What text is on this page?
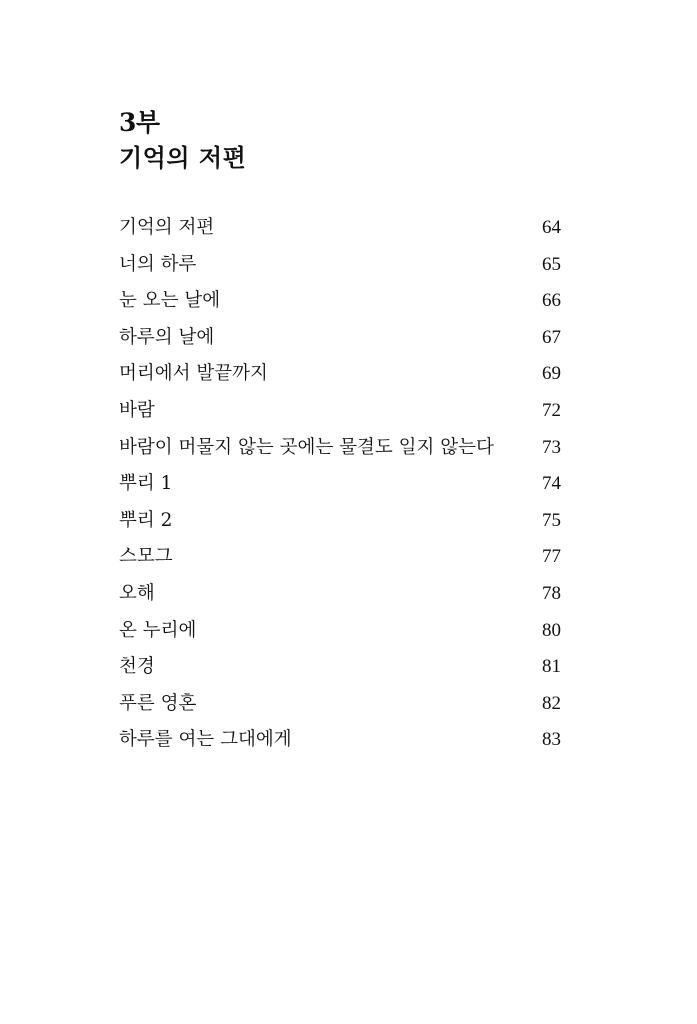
3부
기억의 저편
기억의 저편	64
너의 하루	65
눈 오는 날에	66
하루의 날에	67
머리에서 발끝까지	69
바람	72
바람이 머물지 않는 곳에는 물결도 일지 않는다	73
뿌리 1	74
뿌리 2	75
스모그	77
오해	78
온 누리에	80
천경	81
푸른 영혼	82
하루를 여는 그대에게	83
